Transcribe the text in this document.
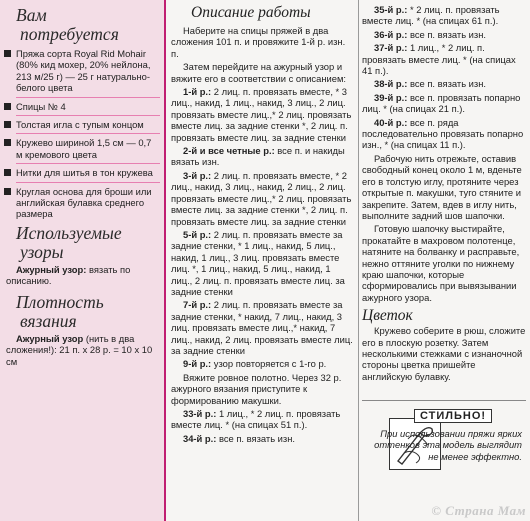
Вам
потребуется
Пряжа сорта Royal Rid Mohair (80% кид мохер, 20% нейлона, 213 м/25 г) — 25 г натурально-белого цвета
Спицы № 4
Толстая игла с тупым концом
Кружево шириной 1,5 см — 0,7 м кремового цвета
Нитки для шитья в тон кружева
Круглая основа для броши или английская булавка среднего размера
Используемые
узоры
Ажурный узор: вязать по описанию.
Плотность
вязания
Ажурный узор (нить в два сложения!): 21 п. х 28 р. = 10 х 10 см
Описание работы

Наберите на спицы пряжей в два сложения 101 п. и провяжите 1-й р. изн. п.

Затем перейдите на ажурный узор и вяжите его в соответствии с описанием:

1-й р.: 2 лиц. п. провязать вместе, * 3 лиц., накид, 1 лиц., накид, 3 лиц., 2 лиц. провязать вместе лиц.,* 2 лиц. провязать вместе лиц. за задние стенки *, 2 лиц. п. провязать вместе лиц. за задние стенки

2-й и все четные р.: все п. и накиды вязать изн.

3-й р.: 2 лиц. п. провязать вместе, * 2 лиц., накид, 3 лиц., накид, 2 лиц., 2 лиц. провязать вместе лиц.,* 2 лиц. провязать вместе лиц. за задние стенки *, 2 лиц. п. провязать вместе лиц. за задние стенки

5-й р.: 2 лиц. п. провязать вместе за задние стенки, * 1 лиц., накид, 5 лиц., накид, 1 лиц., 3 лиц. провязать вместе лиц. *, 1 лиц., накид, 5 лиц., накид, 1 лиц., 2 лиц. п. провязать вместе лиц. за задние стенки

7-й р.: 2 лиц. п. провязать вместе за задние стенки, * накид, 7 лиц., накид, 3 лиц. провязать вместе лиц.,* накид, 7 лиц., накид, 2 лиц. провязать вместе лиц. за задние стенки

9-й р.: узор повторяется с 1-го р.

Вяжите ровное полотно. Через 32 р. ажурного вязания приступите к формированию макушки.

33-й р.: 1 лиц., * 2 лиц. п. провязать вместе лиц. * (на спицах 51 п.).

34-й р.: все п. вязать изн.

35-й р.: * 2 лиц. п. провязать вместе лиц. * (на спицах 61 п.).

36-й р.: все п. вязать изн.

37-й р.: 1 лиц., * 2 лиц. п. провязать вместе лиц. * (на спицах 41 п.).

38-й р.: все п. вязать изн.

39-й р.: все п. провязать попарно лиц. * (на спицах 21 п.).

40-й р.: все п. ряда последовательно провязать попарно изн., * (на спицах 11 п.).

Рабочую нить отрежьте, оставив свободный конец около 1 м, вденьте его в толстую иглу, протяните через открытые п. макушки, туго стяните и закрепите. Затем, вдев в иглу нить, выполните задний шов шапочки.

Готовую шапочку выстирайте, прокатайте в махровом полотенце, натяните на болванку и расправьте, нежно оттяните уголки по нижнему краю шапочки, которые сформировались при вывязывании ажурного узора.

Цветок

Кружево соберите в рюш, сложите его в плоскую розетку. Затем несколькими стежками с изнаночной стороны цветка пришейте английскую булавку.

СТИЛЬНО!
При использовании пряжи ярких оттенков эта модель выглядит не менее эффектно.
© Страна Мам
